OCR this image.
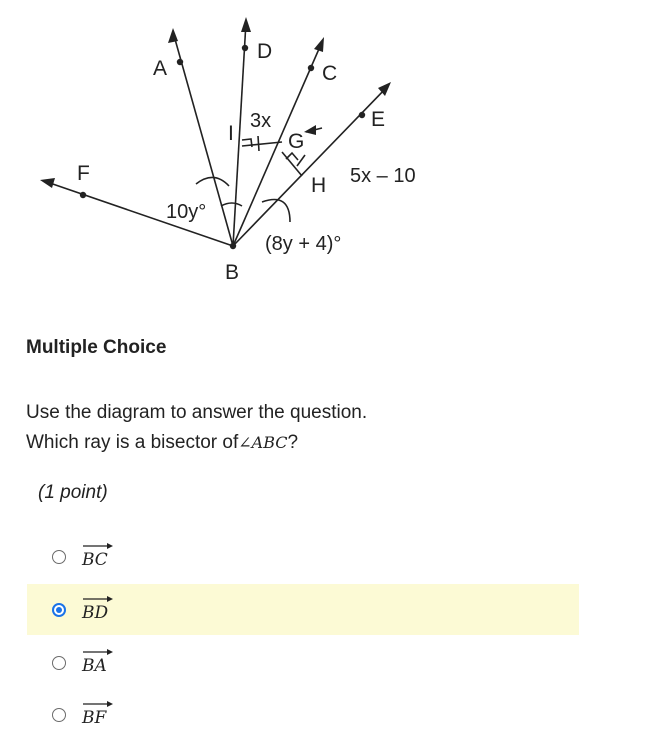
A
D
C
E
F
I	G
H
B
3x
5x – 10
10y°
(8y + 4)°
Multiple Choice
Use the diagram to answer the question.
Which ray is a bisector of∠ABC?
(1 point)
BC
BD
BA
BF
